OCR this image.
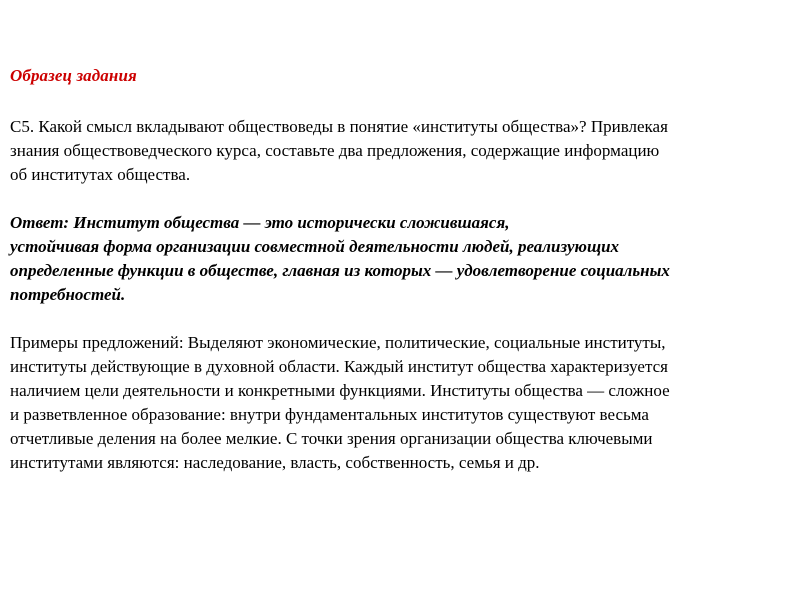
Образец задания
С5. Какой смысл вкладывают обществоведы в понятие «институты общества»? Привлекая
знания обществоведческого курса, составьте два предложения, содержащие информацию
об институтах общества.
Ответ: Институт общества — это исторически сложившаяся,
устойчивая форма организации совместной деятельности людей, реализующих
определенные функции в обществе, главная из которых — удовлетворение социальных
потребностей.
Примеры предложений: Выделяют экономические, политические, социальные институты,
институты действующие в духовной области. Каждый институт общества характеризуется
наличием цели деятельности и конкретными функциями. Институты общества — сложное
и разветвленное образование: внутри фундаментальных институтов существуют весьма
отчетливые деления на более мелкие. С точки зрения организации общества ключевыми
институтами являются: наследование, власть, собственность, семья и др.
